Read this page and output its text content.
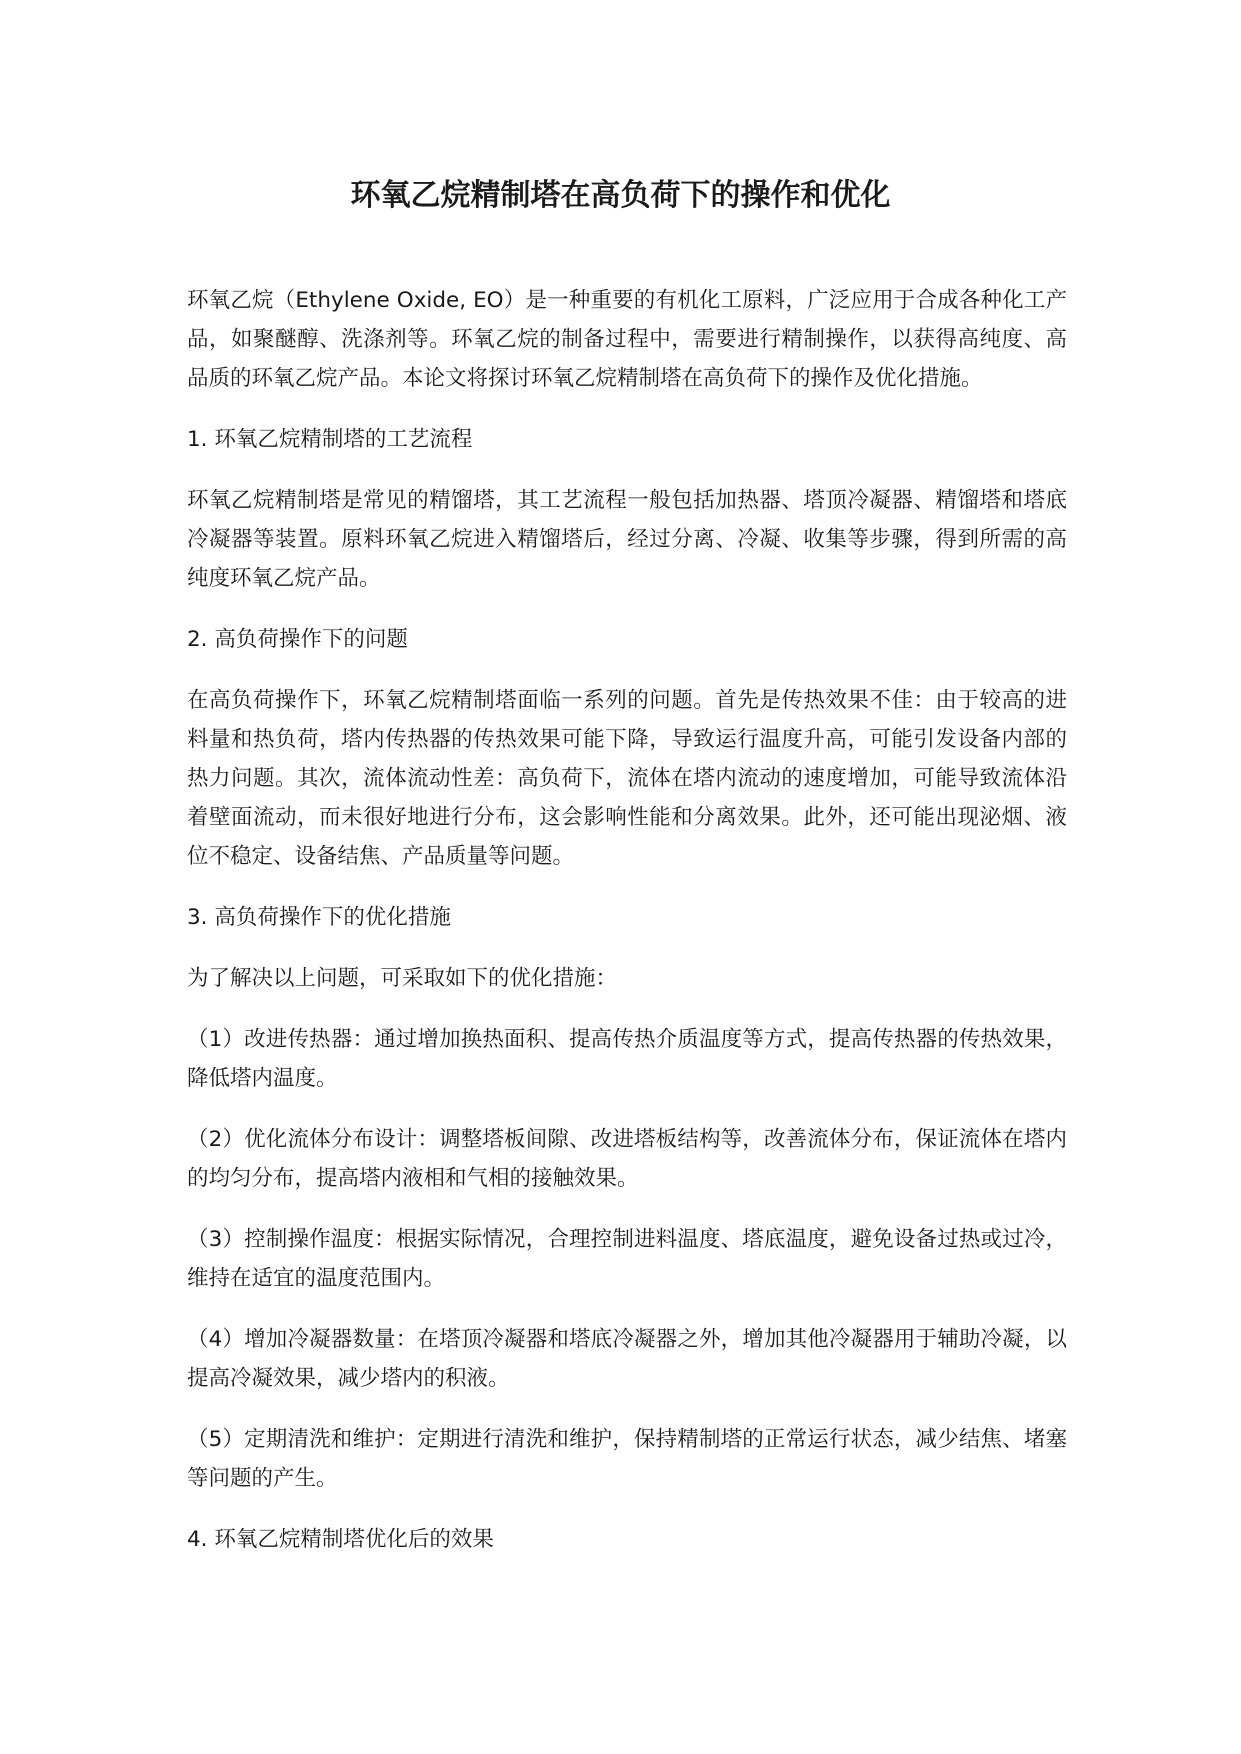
环氧乙烷精制塔在高负荷下的操作和优化

环氧乙烷（Ethylene Oxide, EO）是一种重要的有机化工原料，广泛应用于合成各种化工产品，如聚醚醇、洗涤剂等。环氧乙烷的制备过程中，需要进行精制操作，以获得高纯度、高品质的环氧乙烷产品。本论文将探讨环氧乙烷精制塔在高负荷下的操作及优化措施。

1. 环氧乙烷精制塔的工艺流程

环氧乙烷精制塔是常见的精馏塔，其工艺流程一般包括加热器、塔顶冷凝器、精馏塔和塔底冷凝器等装置。原料环氧乙烷进入精馏塔后，经过分离、冷凝、收集等步骤，得到所需的高纯度环氧乙烷产品。

2. 高负荷操作下的问题

在高负荷操作下，环氧乙烷精制塔面临一系列的问题。首先是传热效果不佳：由于较高的进料量和热负荷，塔内传热器的传热效果可能下降，导致运行温度升高，可能引发设备内部的热力问题。其次，流体流动性差：高负荷下，流体在塔内流动的速度增加，可能导致流体沿着壁面流动，而未很好地进行分布，这会影响性能和分离效果。此外，还可能出现泌烟、液位不稳定、设备结焦、产品质量等问题。

3. 高负荷操作下的优化措施

为了解决以上问题，可采取如下的优化措施：

（1）改进传热器：通过增加换热面积、提高传热介质温度等方式，提高传热器的传热效果，降低塔内温度。

（2）优化流体分布设计：调整塔板间隙、改进塔板结构等，改善流体分布，保证流体在塔内的均匀分布，提高塔内液相和气相的接触效果。

（3）控制操作温度：根据实际情况，合理控制进料温度、塔底温度，避免设备过热或过冷，维持在适宜的温度范围内。

（4）增加冷凝器数量：在塔顶冷凝器和塔底冷凝器之外，增加其他冷凝器用于辅助冷凝，以提高冷凝效果，减少塔内的积液。

（5）定期清洗和维护：定期进行清洗和维护，保持精制塔的正常运行状态，减少结焦、堵塞等问题的产生。

4. 环氧乙烷精制塔优化后的效果
